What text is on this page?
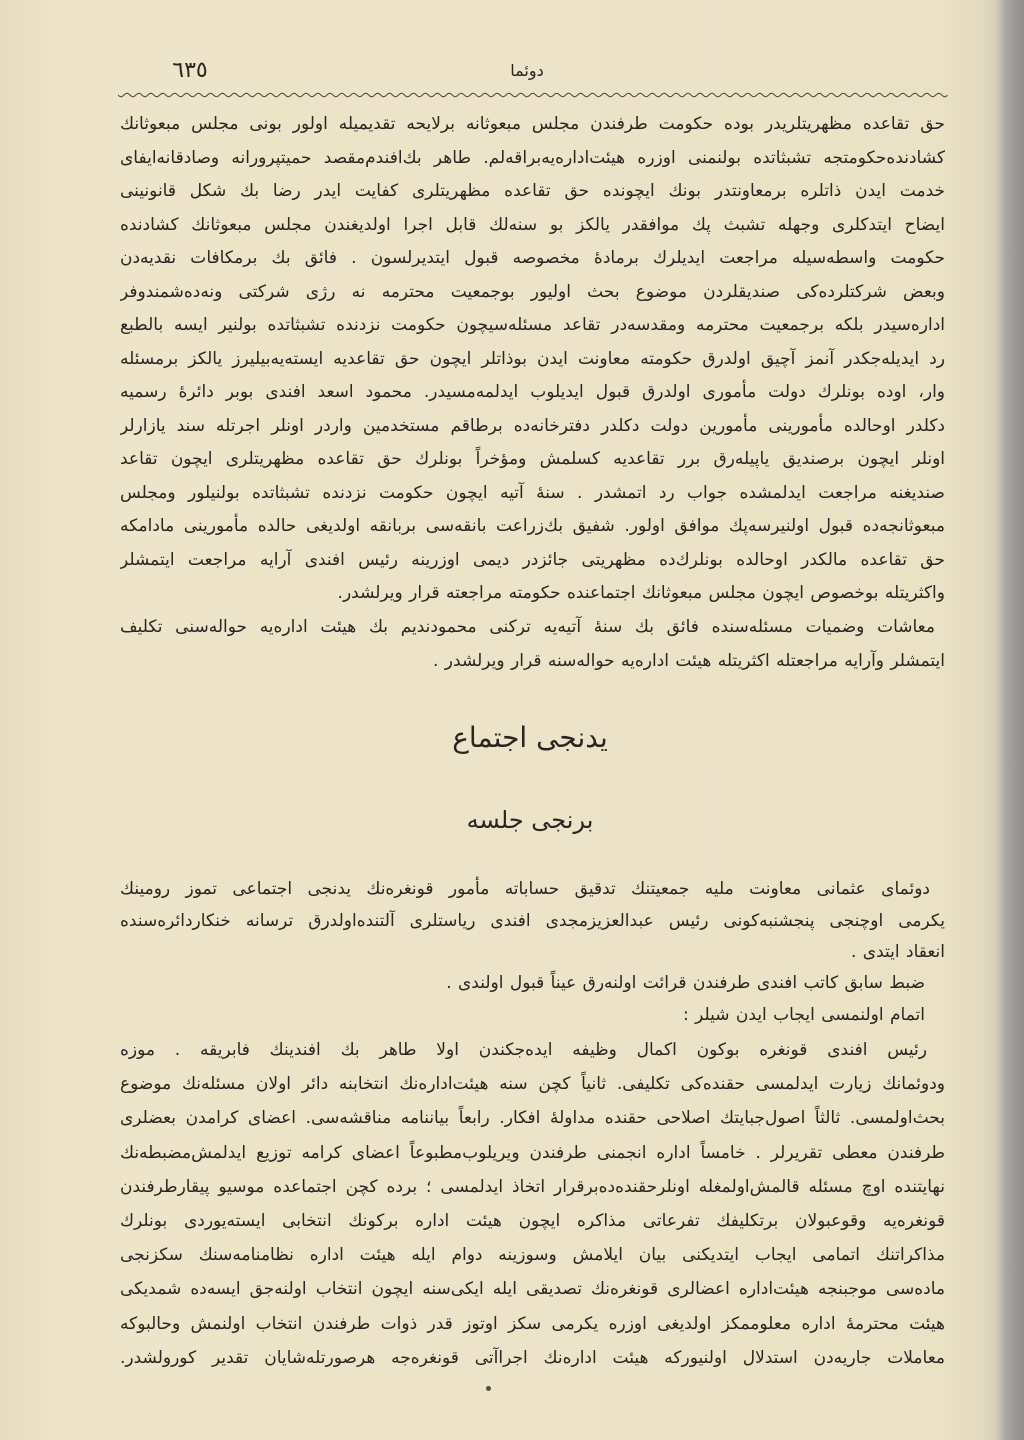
٦٣٥	دوئما
حق تقاعده مظهریتلریدر بوده حکومت طرفندن مجلس مبعوثانه برلایحه تقدیمیله اولور بونی مجلس مبعوثانك
کشادنده‌حکومتجه تشبثاتده بولنمنی اوزره هیئت‌اداره‌یه‌براقه‌لم. طاهر بك‌افندم‌مقصد حمیتپرورانه وصادقانه‌ایفای
خدمت ایدن ذاتلره برمعاونتدر بونك ایچونده حق تقاعده مظهریتلری کفایت ایدر رضا بك شکل قانونینی
ایضاح ایتدکلری وجهله تشبث پك موافقدر یالکز بو سنه‌لك قابل اجرا اولدیغندن مجلس مبعوثانك کشادنده
حکومت واسطه‌سیله مراجعت ایدیلرك برمادهٔ مخصوصه قبول ایتدیرلسون . فائق بك برمکافات نقدیه‌دن
وبعض شرکتلرده‌کی صندیقلردن موضوع بحث اولیور بوجمعیت محترمه نه رژی شرکتی ونه‌ده‌شمندوفر
اداره‌سیدر بلکه برجمعیت محترمه ومقدسه‌در تقاعد مسئله‌سیچون حکومت نزدنده تشبثاتده بولنیر ایسه بالطبع
رد ایدیله‌جکدر آنمز آچیق اولدرق حکومته معاونت ایدن بوذاتلر ایچون حق تقاعدیه ایسته‌یه‌بیلیرز یالکز برمسئله
وار، اوده بونلرك دولت مأموری اولدرق قبول ایدیلوب ایدلمه‌مسیدر. محمود اسعد افندی بوبر دائرهٔ رسمیه
دکلدر اوحالده مأمورینی مأمورین دولت دکلدر دفترخانه‌ده برطاقم مستخدمین واردر اونلر اجرتله سند یازارلر
اونلر ایچون برصندیق یاپیله‌رق برر تقاعدیه کسلمش ومؤخراً بونلرك حق تقاعده مظهریتلری ایچون تقاعد
صندیغنه مراجعت ایدلمشده جواب رد اتمشدر . سنهٔ آتیه ایچون حکومت نزدنده تشبثاتده بولنیلور ومجلس
مبعوثانجه‌ده قبول اولنیرسه‌پك موافق اولور. شفیق بك‌زراعت بانقه‌سی بربانقه اولدیغی حالده مأمورینی مادامکه
حق تقاعده مالکدر اوحالده بونلرك‌ده مظهریتی جائزدر دیمی اوزرینه رئیس افندی آرایه مراجعت ایتمشلر
واکثریتله بوخصوص ایچون مجلس مبعوثانك اجتماعنده حکومته مراجعته قرار ویرلشدر.
معاشات وضمیات مسئله‌سنده فائق بك سنهٔ آتیه‌یه ترکنی محمودندیم بك هیئت اداره‌یه حواله‌سنی تکلیف
ایتمشلر وآرایه مراجعتله اکثریتله هیئت اداره‌یه حواله‌سنه قرار ویرلشدر .
یدنجی اجتماع
برنجی جلسه
دوئمای عثمانی معاونت ملیه جمعیتنك تدقیق حساباته مأمور قونغره‌نك یدنجی اجتماعی تموز رومینك
یکرمی اوچنجی پنجشنبه‌کونی رئیس عبدالعزیزمجدی افندی ریاستلری آلتنده‌اولدرق ترسانه خنکاردائره‌سنده
انعقاد ایتدی .
ضبط سابق کاتب افندی طرفندن قرائت اولنه‌رق عیناً قبول اولندی .
اتمام اولنمسی ایجاب ایدن شیلر :
رئیس افندی قونغره بوکون اکمال وظیفه ایده‌جکندن اولا طاهر بك افندینك فابریقه . موزه
ودوئمانك زیارت ایدلمسی حقنده‌کی تکلیفی. ثانیاً کچن سنه هیئت‌اداره‌نك انتخابنه دائر اولان مسئله‌نك موضوع
بحث‌اولمسی. ثالثاً اصول‌جبایتك اصلاحی حقنده مداولهٔ افکار. رابعاً بیاننامه مناقشه‌سی. اعضای کرامدن بعضلری
طرفندن معطی تقریرلر . خامساً اداره انجمنی طرفندن ویریلوب‌مطبوعاً اعضای کرامه توزیع ایدلمش‌مضبطه‌نك
نهایتنده اوچ مسئله قالمش‌اولمغله اونلرحقنده‌ده‌برقرار اتخاذ ایدلمسی ؛ برده کچن اجتماعده موسیو پیقارطرفندن
قونغره‌یه وقوعبولان برتکلیفك تفرعاتی مذاکره ایچون هیئت اداره برکونك انتخابی ایسته‌یوردی بونلرك
مذاکراتنك اتمامی ایجاب ایتدیکنی بیان ایلامش وسوزینه دوام ایله هیئت اداره نظامنامه‌سنك سکزنجی
ماده‌سی موجبنجه هیئت‌اداره اعضالری قونغره‌نك تصدیقی ایله ایکی‌سنه ایچون انتخاب اولنه‌جق ایسه‌ده شمدیکی
هیئت محترمهٔ اداره معلوممکز اولدیغی اوزره یکرمی سکز اوتوز قدر ذوات طرفندن انتخاب اولنمش وحالبوکه
معاملات جاریه‌دن استدلال اولنیورکه هیئت اداره‌نك اجراآتی قونغره‌جه هرصورتله‌شایان تقدیر کورولشدر.
